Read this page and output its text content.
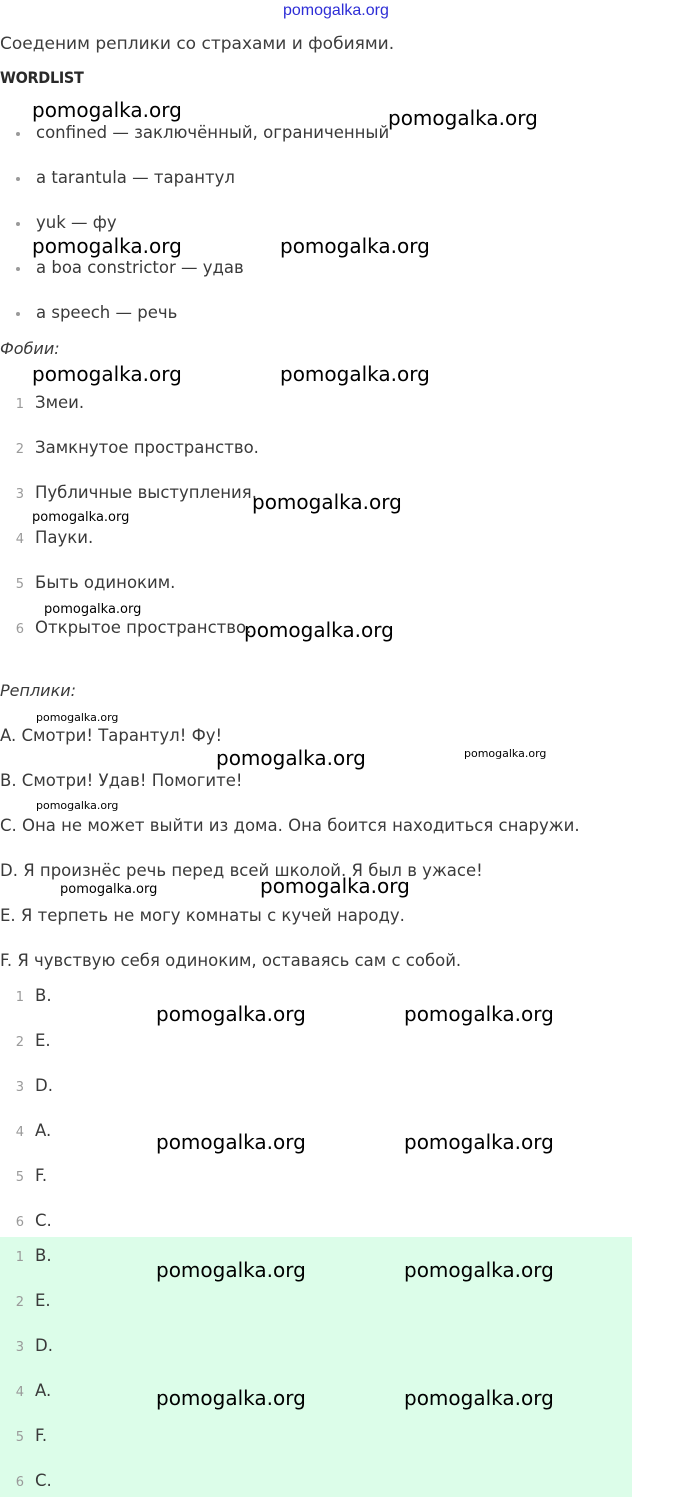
pomogalka.org
Соеденим реплики со страхами и фобиями.
WORDLIST
confined — заключённый, ограниченный
a tarantula — тарантул
yuk — фу
a boa constrictor — удав
a speech — речь
Фобии:
1 Змеи.
2 Замкнутое пространство.
3 Публичные выступления.
4 Пауки.
5 Быть одиноким.
6 Открытое пространство.
Реплики:
A. Смотри! Тарантул! Фу!
B. Смотри! Удав! Помогите!
C. Она не может выйти из дома. Она боится находиться снаружи.
D. Я произнёс речь перед всей школой. Я был в ужасе!
E. Я терпеть не могу комнаты с кучей народу.
F. Я чувствую себя одиноким, оставаясь сам с собой.
1 B.
2 E.
3 D.
4 A.
5 F.
6 C.
1 B.
2 E.
3 D.
4 A.
5 F.
6 C.
pomogalka.org	pomogalka.org
pomogalka.org	pomogalka.org
pomogalka.org	pomogalka.org
pomogalka.org
pomogalka.org
pomogalka.org
pomogalka.org
pomogalka.org
pomogalka.org	pomogalka.org
pomogalka.org
pomogalka.org	pomogalka.org
pomogalka.org	pomogalka.org
pomogalka.org	pomogalka.org
pomogalka.org	pomogalka.org
pomogalka.org	pomogalka.org
